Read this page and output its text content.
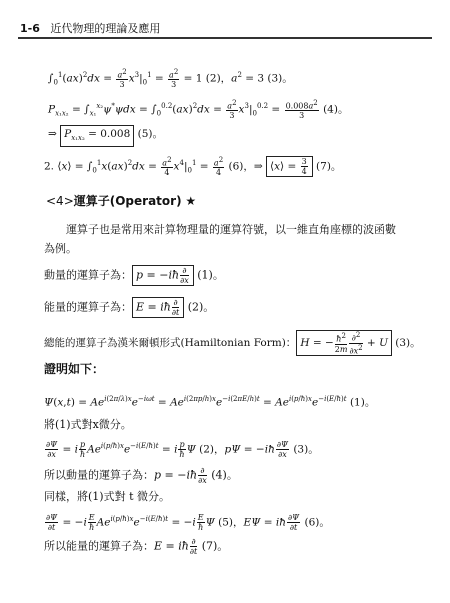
1-6 近代物理的理論及應用
$\int_0^1(ax)^2dx = \frac{a^2}{3} x^3|_0^1 = \frac{a^2}{3} = 1$ (2)，$a^2 = 3$ (3)。
$P_{x_1x_2} = \int_{x_1}^{x_2}\psi^*\psi dx = \int_0^{0.2}(ax)^2dx = \frac{a^2}{3} x^3|_0^{0.2} = \frac{0.008a^2}{3} (4)$。
⇒ $P_{x_1x_2} = 0.008$ (5)。
2. ⟨x⟩ = $\int_0^1x(ax)^2dx = \frac{a^2}{4} x^4|_0^1 = \frac{a^2}{4} (6)$，⇒ ⟨x⟩ = $\frac{3}{4} (7)$。
<4>運算子(Operator) ★
運算子也是常用來計算物理量的運算符號，以一維直角座標的波函數
為例。
動量的運算子為： p = −iħ ∂
∂x (1)。
能量的運算子為： E = iħ ∂
∂t (2)。
總能的運算子為漢米爾頓形式(Hamiltonian Form)： H = − $\frac{ħ^2}{2m} \frac{\partial^2}{\partial x^2} + U$ (3)。
證明如下：
$\Psi(x,t) = Ae^{i(2\pi/\lambda)x}e^{-i\omega t} = Ae^{i(2\pi p/h)x}e^{-i(2\pi E/h)t} = Ae^{i(p/ħ)x}e^{-i(E/ħ)t}$ (1)。
將(1)式對x微分。
$\frac{\partial\Psi}{\partial x} = i \frac{p}{ħ} Ae^{i(p/ħ)x}e^{-i(E/ħ)t} = i \frac{p}{ħ}$ Ψ (2)，pΨ = −iħ $\frac{\partial\Psi}{\partial x} (3)$。
所以動量的運算子為：p = −iħ ∂
∂x (4)。
同樣，將(1)式對 t 微分。
$\frac{\partial\Psi}{\partial t} = -i \frac{E}{ħ} Ae^{i(p/ħ)x}e^{-i(E/ħ)t} = -i \frac{E}{ħ}$ Ψ (5)，EΨ = iħ $\frac{\partial\Psi}{\partial t} (6)$。
所以能量的運算子為：E = iħ ∂
∂t (7)。
